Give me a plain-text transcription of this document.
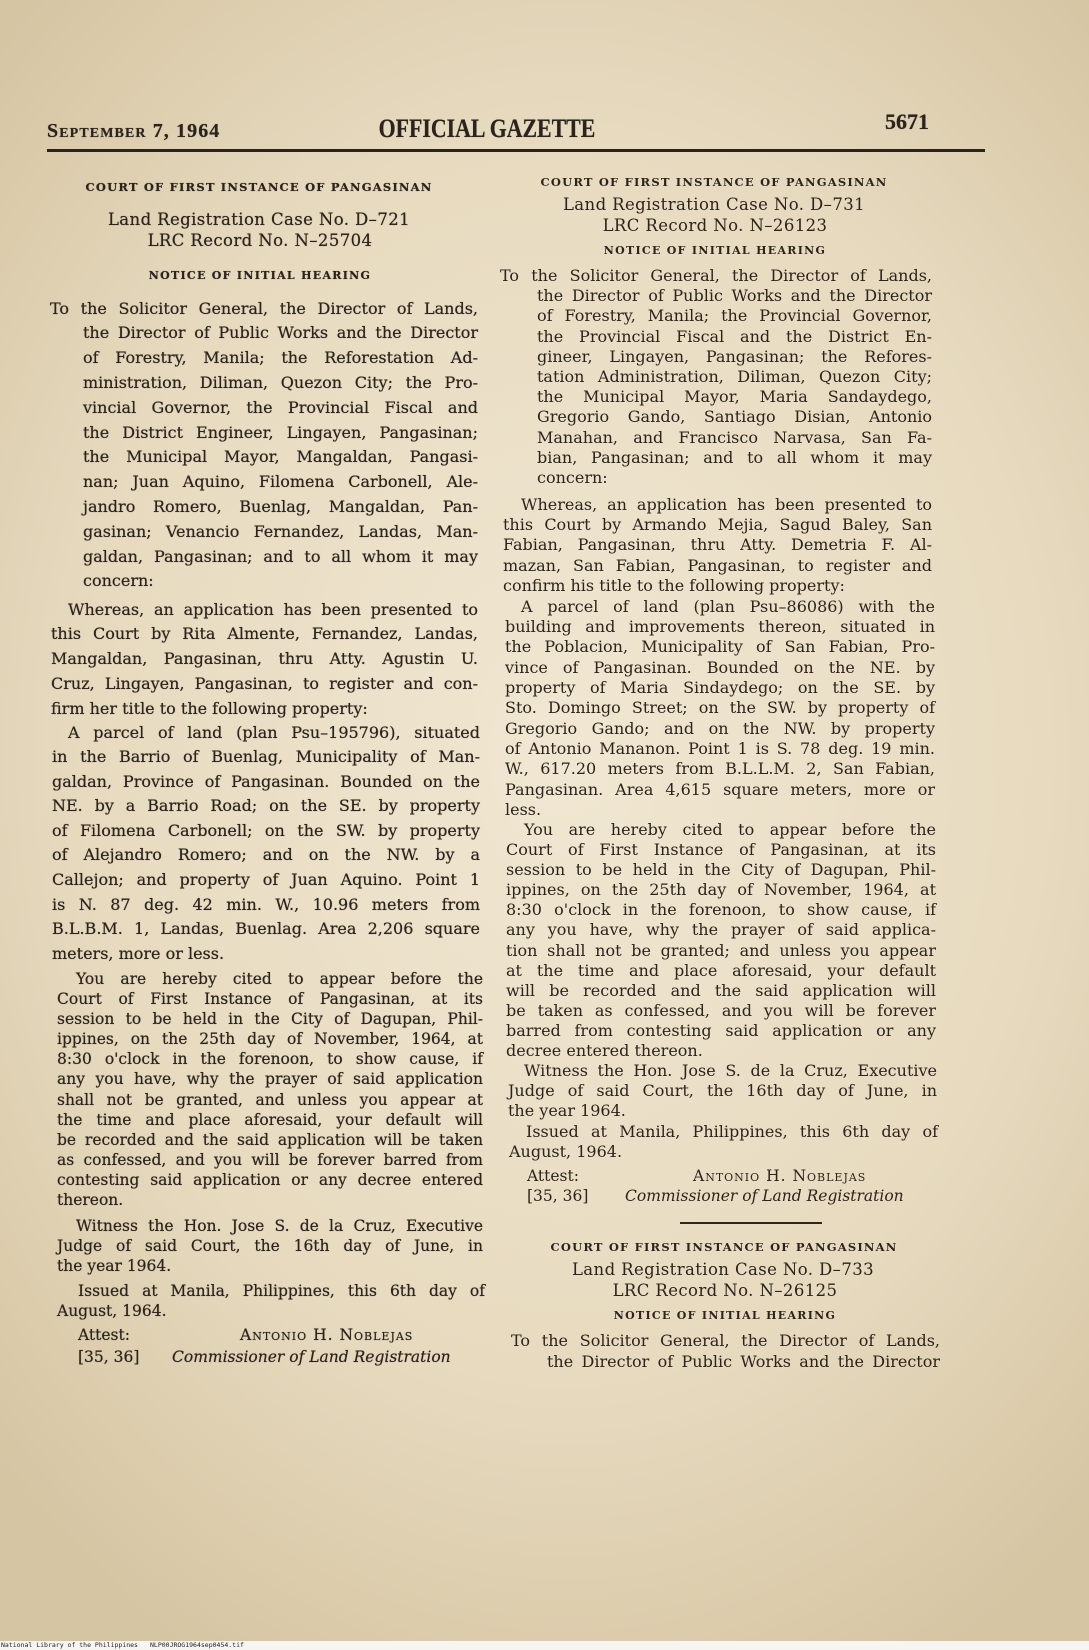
September 7, 1964	OFFICIAL GAZETTE	5671
COURT OF FIRST INSTANCE OF PANGASINAN
Land Registration Case No. D–721
LRC Record No. N–25704
NOTICE OF INITIAL HEARING
To the Solicitor General, the Director of Lands,
the Director of Public Works and the Director
of Forestry, Manila; the Reforestation Ad-
ministration, Diliman, Quezon City; the Pro-
vincial Governor, the Provincial Fiscal and
the District Engineer, Lingayen, Pangasinan;
the Municipal Mayor, Mangaldan, Pangasi-
nan; Juan Aquino, Filomena Carbonell, Ale-
jandro Romero, Buenlag, Mangaldan, Pan-
gasinan; Venancio Fernandez, Landas, Man-
galdan, Pangasinan; and to all whom it may
concern:
Whereas, an application has been presented to
this Court by Rita Almente, Fernandez, Landas,
Mangaldan, Pangasinan, thru Atty. Agustin U.
Cruz, Lingayen, Pangasinan, to register and con-
firm her title to the following property:
A parcel of land (plan Psu–195796), situated
in the Barrio of Buenlag, Municipality of Man-
galdan, Province of Pangasinan. Bounded on the
NE. by a Barrio Road; on the SE. by property
of Filomena Carbonell; on the SW. by property
of Alejandro Romero; and on the NW. by a
Callejon; and property of Juan Aquino. Point 1
is N. 87 deg. 42 min. W., 10.96 meters from
B.L.B.M. 1, Landas, Buenlag. Area 2,206 square
meters, more or less.
You are hereby cited to appear before the
Court of First Instance of Pangasinan, at its
session to be held in the City of Dagupan, Phil-
ippines, on the 25th day of November, 1964, at
8:30 o'clock in the forenoon, to show cause, if
any you have, why the prayer of said application
shall not be granted, and unless you appear at
the time and place aforesaid, your default will
be recorded and the said application will be taken
as confessed, and you will be forever barred from
contesting said application or any decree entered
thereon.
Witness the Hon. Jose S. de la Cruz, Executive
Judge of said Court, the 16th day of June, in
the year 1964.
Issued at Manila, Philippines, this 6th day of
August, 1964.
Attest:	Antonio H. Noblejas
[35, 36] Commissioner of Land Registration
COURT OF FIRST INSTANCE OF PANGASINAN
Land Registration Case No. D–731
LRC Record No. N–26123
NOTICE OF INITIAL HEARING
To the Solicitor General, the Director of Lands,
the Director of Public Works and the Director
of Forestry, Manila; the Provincial Governor,
the Provincial Fiscal and the District En-
gineer, Lingayen, Pangasinan; the Refores-
tation Administration, Diliman, Quezon City;
the Municipal Mayor, Maria Sandaydego,
Gregorio Gando, Santiago Disian, Antonio
Manahan, and Francisco Narvasa, San Fa-
bian, Pangasinan; and to all whom it may
concern:
Whereas, an application has been presented to
this Court by Armando Mejia, Sagud Baley, San
Fabian, Pangasinan, thru Atty. Demetria F. Al-
mazan, San Fabian, Pangasinan, to register and
confirm his title to the following property:
A parcel of land (plan Psu–86086) with the
building and improvements thereon, situated in
the Poblacion, Municipality of San Fabian, Pro-
vince of Pangasinan. Bounded on the NE. by
property of Maria Sindaydego; on the SE. by
Sto. Domingo Street; on the SW. by property of
Gregorio Gando; and on the NW. by property
of Antonio Mananon. Point 1 is S. 78 deg. 19 min.
W., 617.20 meters from B.L.L.M. 2, San Fabian,
Pangasinan. Area 4,615 square meters, more or
less.
You are hereby cited to appear before the
Court of First Instance of Pangasinan, at its
session to be held in the City of Dagupan, Phil-
ippines, on the 25th day of November, 1964, at
8:30 o'clock in the forenoon, to show cause, if
any you have, why the prayer of said applica-
tion shall not be granted; and unless you appear
at the time and place aforesaid, your default
will be recorded and the said application will
be taken as confessed, and you will be forever
barred from contesting said application or any
decree entered thereon.
Witness the Hon. Jose S. de la Cruz, Executive
Judge of said Court, the 16th day of June, in
the year 1964.
Issued at Manila, Philippines, this 6th day of
August, 1964.
Attest:	Antonio H. Noblejas
[35, 36] Commissioner of Land Registration
COURT OF FIRST INSTANCE OF PANGASINAN
Land Registration Case No. D–733
LRC Record No. N–26125
NOTICE OF INITIAL HEARING
To the Solicitor General, the Director of Lands,
the Director of Public Works and the Director
National Library of the Philippines NLP00JROG1964sep0454.tif
